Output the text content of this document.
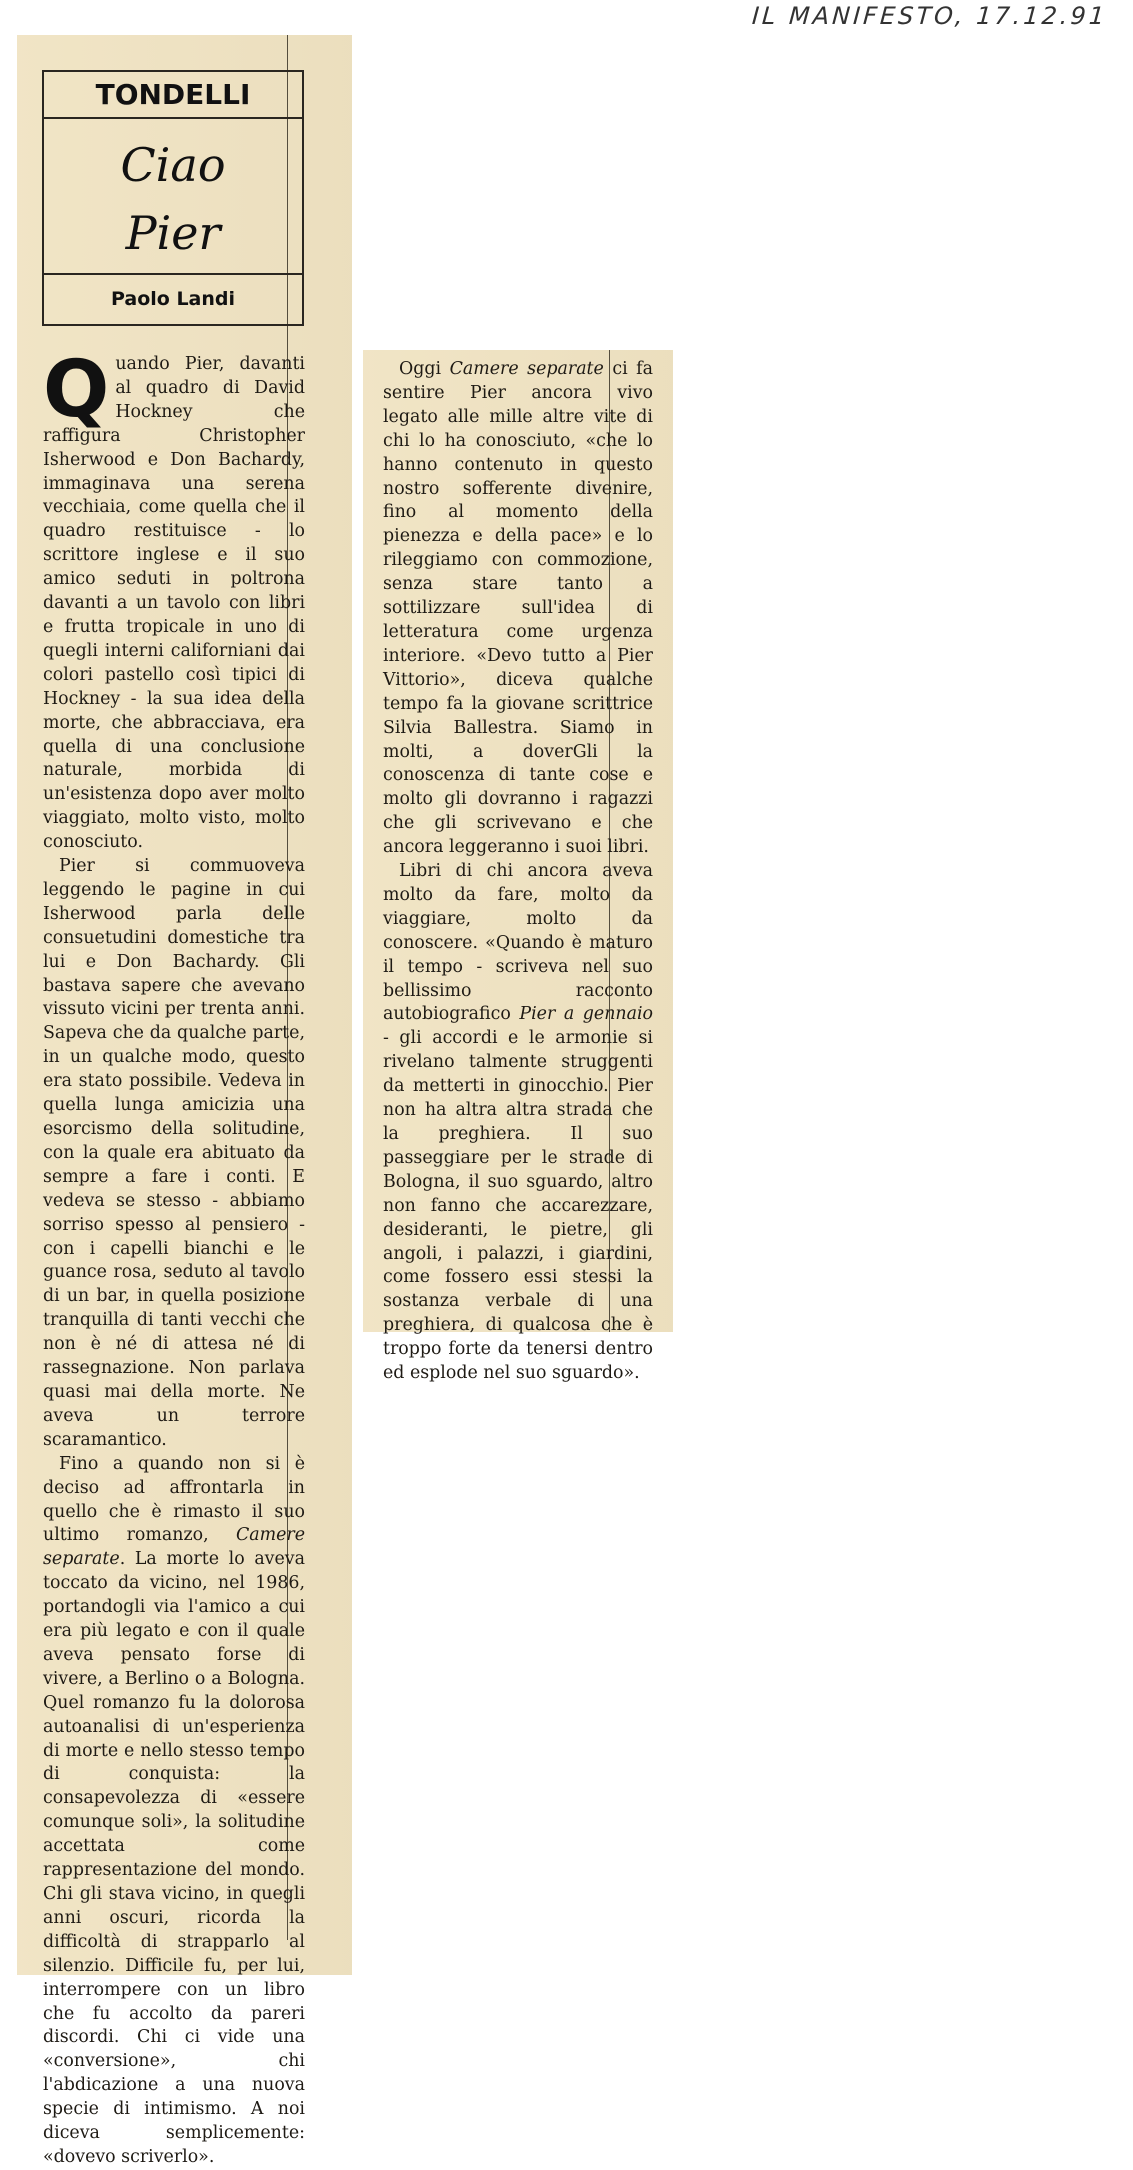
IL MANIFESTO, 17.12.91
TONDELLI
Ciao
Pier
Paolo Landi

Quando Pier, davanti al quadro di David Hockney che raffigura Christopher Isherwood e Don Bachardy, immaginava una serena vecchiaia, come quella che il quadro restituisce - lo scrittore inglese e il suo amico seduti in poltrona davanti a un tavolo con libri e frutta tropicale in uno di quegli interni californiani dai colori pastello così tipici di Hockney - la sua idea della morte, che abbracciava, era quella di una conclusione naturale, morbida di un'esistenza dopo aver molto viaggiato, molto visto, molto conosciuto.

Pier si commuoveva leggendo le pagine in cui Isherwood parla delle consuetudini domestiche tra lui e Don Bachardy. Gli bastava sapere che avevano vissuto vicini per trenta anni. Sapeva che da qualche parte, in un qualche modo, questo era stato possibile. Vedeva in quella lunga amicizia una esorcismo della solitudine, con la quale era abituato da sempre a fare i conti. E vedeva se stesso - abbiamo sorriso spesso al pensiero - con i capelli bianchi e le guance rosa, seduto al tavolo di un bar, in quella posizione tranquilla di tanti vecchi che non è né di attesa né di rassegnazione. Non parlava quasi mai della morte. Ne aveva un terrore scaramantico.

Fino a quando non si è deciso ad affrontarla in quello che è rimasto il suo ultimo romanzo, Camere separate. La morte lo aveva toccato da vicino, nel 1986, portandogli via l'amico a cui era più legato e con il quale aveva pensato forse di vivere, a Berlino o a Bologna. Quel romanzo fu la dolorosa autoanalisi di un'esperienza di morte e nello stesso tempo di conquista: la consapevolezza di «essere comunque soli», la solitudine accettata come rappresentazione del mondo. Chi gli stava vicino, in quegli anni oscuri, ricorda la difficoltà di strapparlo al silenzio. Difficile fu, per lui, interrompere con un libro che fu accolto da pareri discordi. Chi ci vide una «conversione», chi l'abdicazione a una nuova specie di intimismo. A noi diceva semplicemente: «dovevo scriverlo».

Oggi Camere separate ci fa sentire Pier ancora vivo legato alle mille altre vite di chi lo ha conosciuto, «che lo hanno contenuto in questo nostro sofferente divenire, fino al momento della pienezza e della pace» e lo rileggiamo con commozione, senza stare tanto a sottilizzare sull'idea di letteratura come urgenza interiore. «Devo tutto a Pier Vittorio», diceva qualche tempo fa la giovane scrittrice Silvia Ballestra. Siamo in molti, a doverGli la conoscenza di tante cose e molto gli dovranno i ragazzi che gli scrivevano e che ancora leggeranno i suoi libri.

Libri di chi ancora aveva molto da fare, molto da viaggiare, molto da conoscere. «Quando è maturo il tempo - scriveva nel suo bellissimo racconto autobiografico Pier a gennaio - gli accordi e le armonie si rivelano talmente struggenti da metterti in ginocchio. Pier non ha altra altra strada che la preghiera. Il suo passeggiare per le strade di Bologna, il suo sguardo, altro non fanno che accarezzare, desideranti, le pietre, gli angoli, i palazzi, i giardini, come fossero essi stessi la sostanza verbale di una preghiera, di qualcosa che è troppo forte da tenersi dentro ed esplode nel suo sguardo».
